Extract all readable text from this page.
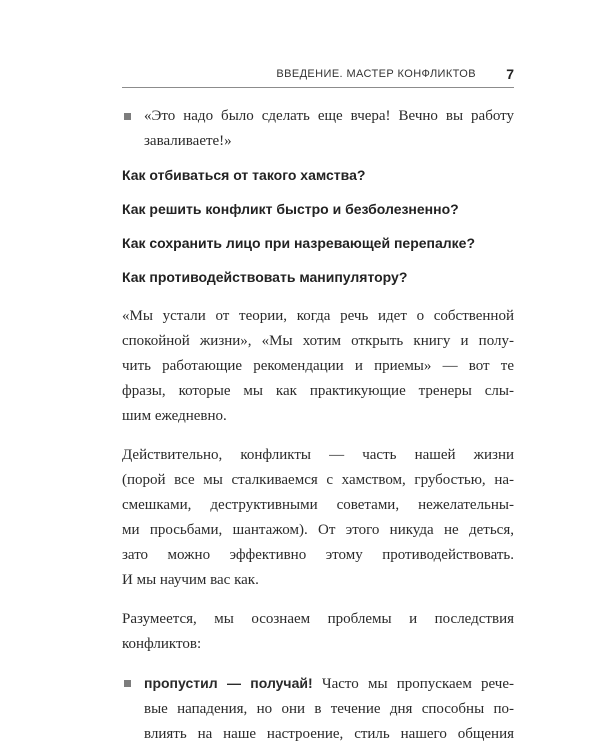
ВВЕДЕНИЕ. МАСТЕР КОНФЛИКТОВ 7
«Это надо было сделать еще вчера! Вечно вы работу
заваливаете!»

Как отбиваться от такого хамства?

Как решить конфликт быстро и безболезненно?

Как сохранить лицо при назревающей перепалке?

Как противодействовать манипулятору?

«Мы устали от теории, когда речь идет о собственной
спокойной жизни», «Мы хотим открыть книгу и полу-
чить работающие рекомендации и приемы» — вот те
фразы, которые мы как практикующие тренеры слы-
шим ежедневно.
Действительно, конфликты — часть нашей жизни
(порой все мы сталкиваемся с хамством, грубостью, на-
смешками, деструктивными советами, нежелательны-
ми просьбами, шантажом). От этого никуда не деться,
зато можно эффективно этому противодействовать.
И мы научим вас как.
Разумеется, мы осознаем проблемы и последствия
конфликтов:
пропустил — получай! Часто мы пропускаем рече-
вые нападения, но они в течение дня способны по-
влиять на наше настроение, стиль нашего общения
